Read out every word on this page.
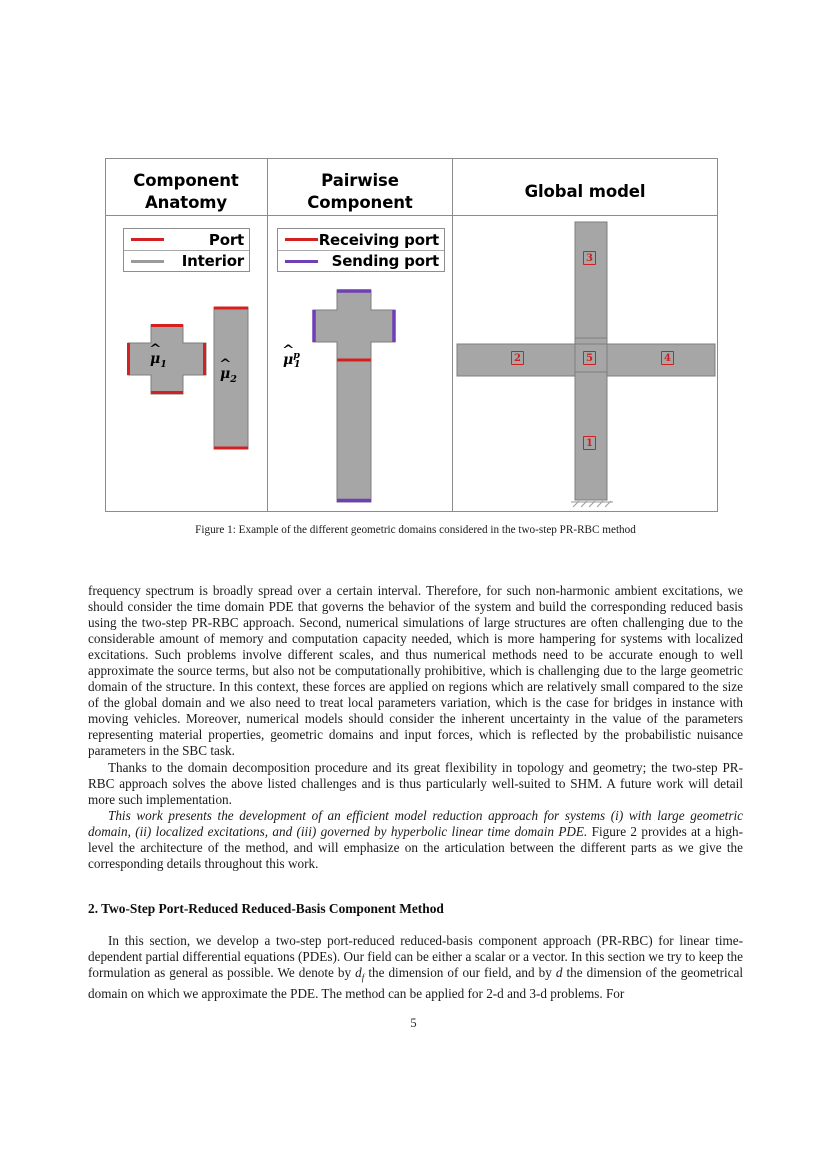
Component
Anatomy
Pairwise
Component
Global model
Port
Interior
Receiving port
Sending port
^ $\mu_1$
^ $\mu_2$
^ $\mu^p_1$
3
2	5	4
1
Figure 1: Example of the different geometric domains considered in the two-step PR-RBC method

frequency spectrum is broadly spread over a certain interval. Therefore, for such non-harmonic ambient excitations, we should consider the time domain PDE that governs the behavior of the system and build the corresponding reduced basis using the two-step PR-RBC approach. Second, numerical simulations of large structures are often challenging due to the considerable amount of memory and computation capacity needed, which is more hampering for systems with localized excitations. Such problems involve different scales, and thus numerical methods need to be accurate enough to well approximate the source terms, but also not be computationally prohibitive, which is challenging due to the large geometric domain of the structure. In this context, these forces are applied on regions which are relatively small compared to the size of the global domain and we also need to treat local parameters variation, which is the case for bridges in instance with moving vehicles. Moreover, numerical models should consider the inherent uncertainty in the value of the parameters representing material properties, geometric domains and input forces, which is reflected by the probabilistic nuisance parameters in the SBC task.

Thanks to the domain decomposition procedure and its great flexibility in topology and geometry; the two-step PR-RBC approach solves the above listed challenges and is thus particularly well-suited to SHM. A future work will detail more such implementation.

This work presents the development of an efficient model reduction approach for systems (i) with large geometric domain, (ii) localized excitations, and (iii) governed by hyperbolic linear time domain PDE. Figure 2 provides at a high-level the architecture of the method, and will emphasize on the articulation between the different parts as we give the corresponding details throughout this work.

2. Two-Step Port-Reduced Reduced-Basis Component Method

In this section, we develop a two-step port-reduced reduced-basis component approach (PR-RBC) for linear time-dependent partial differential equations (PDEs). Our field can be either a scalar or a vector. In this section we try to keep the formulation as general as possible. We denote by $d_f$ the dimension of our field, and by d the dimension of the geometrical domain on which we approximate the PDE. The method can be applied for 2-d and 3-d problems. For

5
